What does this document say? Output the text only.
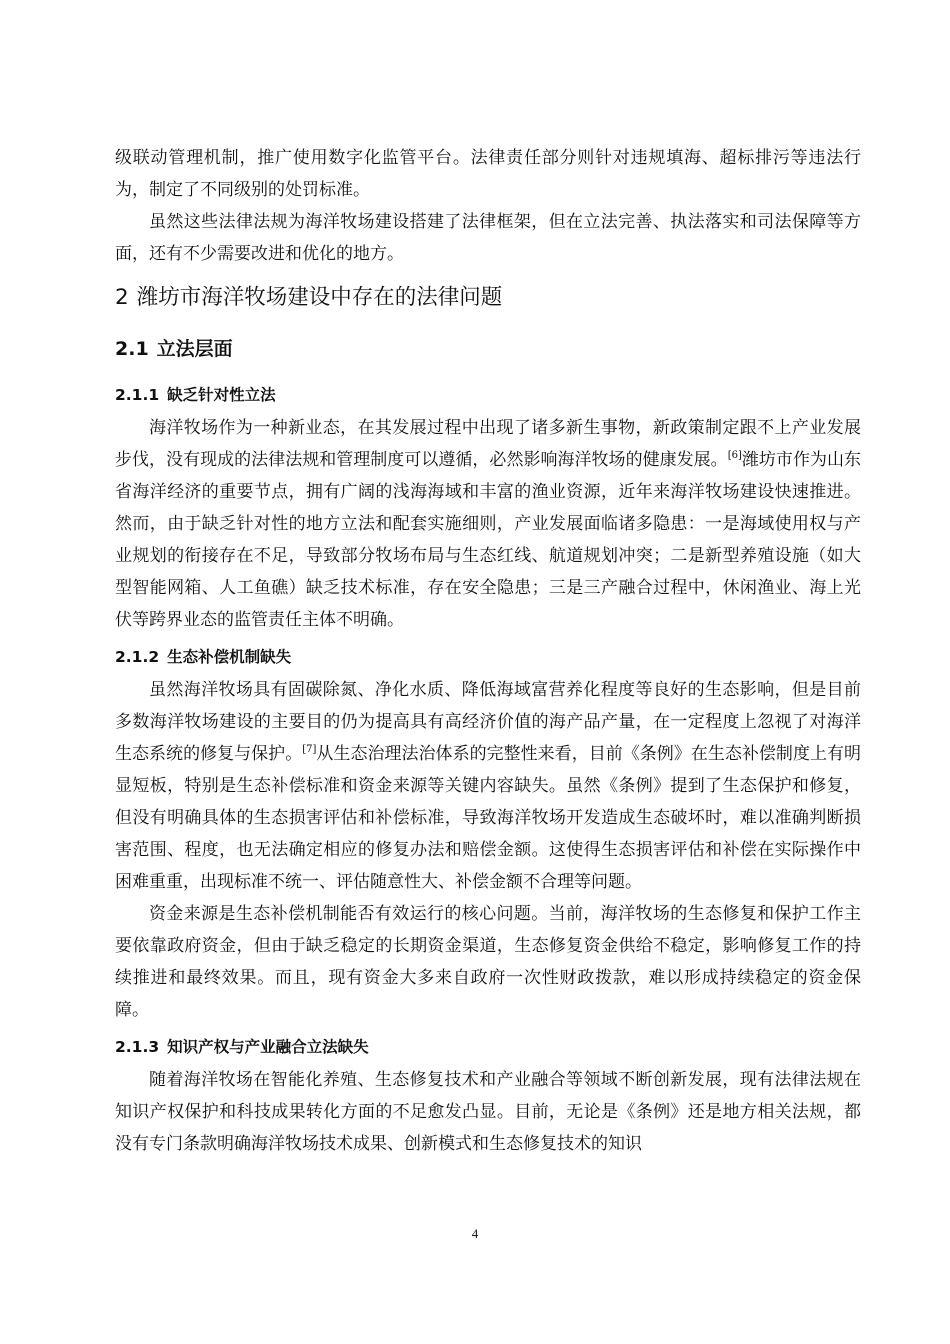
级联动管理机制，推广使用数字化监管平台。法律责任部分则针对违规填海、超标排污等违法行为，制定了不同级别的处罚标准。

虽然这些法律法规为海洋牧场建设搭建了法律框架，但在立法完善、执法落实和司法保障等方面，还有不少需要改进和优化的地方。

2 潍坊市海洋牧场建设中存在的法律问题
2.1 立法层面
2.1.1 缺乏针对性立法

海洋牧场作为一种新业态，在其发展过程中出现了诸多新生事物，新政策制定跟不上产业发展步伐，没有现成的法律法规和管理制度可以遵循，必然影响海洋牧场的健康发展。[6]潍坊市作为山东省海洋经济的重要节点，拥有广阔的浅海海域和丰富的渔业资源，近年来海洋牧场建设快速推进。然而，由于缺乏针对性的地方立法和配套实施细则，产业发展面临诸多隐患：一是海域使用权与产业规划的衔接存在不足，导致部分牧场布局与生态红线、航道规划冲突；二是新型养殖设施（如大型智能网箱、人工鱼礁）缺乏技术标准，存在安全隐患；三是三产融合过程中，休闲渔业、海上光伏等跨界业态的监管责任主体不明确。

2.1.2 生态补偿机制缺失

虽然海洋牧场具有固碳除氮、净化水质、降低海域富营养化程度等良好的生态影响，但是目前多数海洋牧场建设的主要目的仍为提高具有高经济价值的海产品产量，在一定程度上忽视了对海洋生态系统的修复与保护。[7]从生态治理法治体系的完整性来看，目前《条例》在生态补偿制度上有明显短板，特别是生态补偿标准和资金来源等关键内容缺失。虽然《条例》提到了生态保护和修复，但没有明确具体的生态损害评估和补偿标准，导致海洋牧场开发造成生态破坏时，难以准确判断损害范围、程度，也无法确定相应的修复办法和赔偿金额。这使得生态损害评估和补偿在实际操作中困难重重，出现标准不统一、评估随意性大、补偿金额不合理等问题。

资金来源是生态补偿机制能否有效运行的核心问题。当前，海洋牧场的生态修复和保护工作主要依靠政府资金，但由于缺乏稳定的长期资金渠道，生态修复资金供给不稳定，影响修复工作的持续推进和最终效果。而且，现有资金大多来自政府一次性财政拨款，难以形成持续稳定的资金保障。

2.1.3 知识产权与产业融合立法缺失

随着海洋牧场在智能化养殖、生态修复技术和产业融合等领域不断创新发展，现有法律法规在知识产权保护和科技成果转化方面的不足愈发凸显。目前，无论是《条例》还是地方相关法规，都没有专门条款明确海洋牧场技术成果、创新模式和生态修复技术的知识

4
